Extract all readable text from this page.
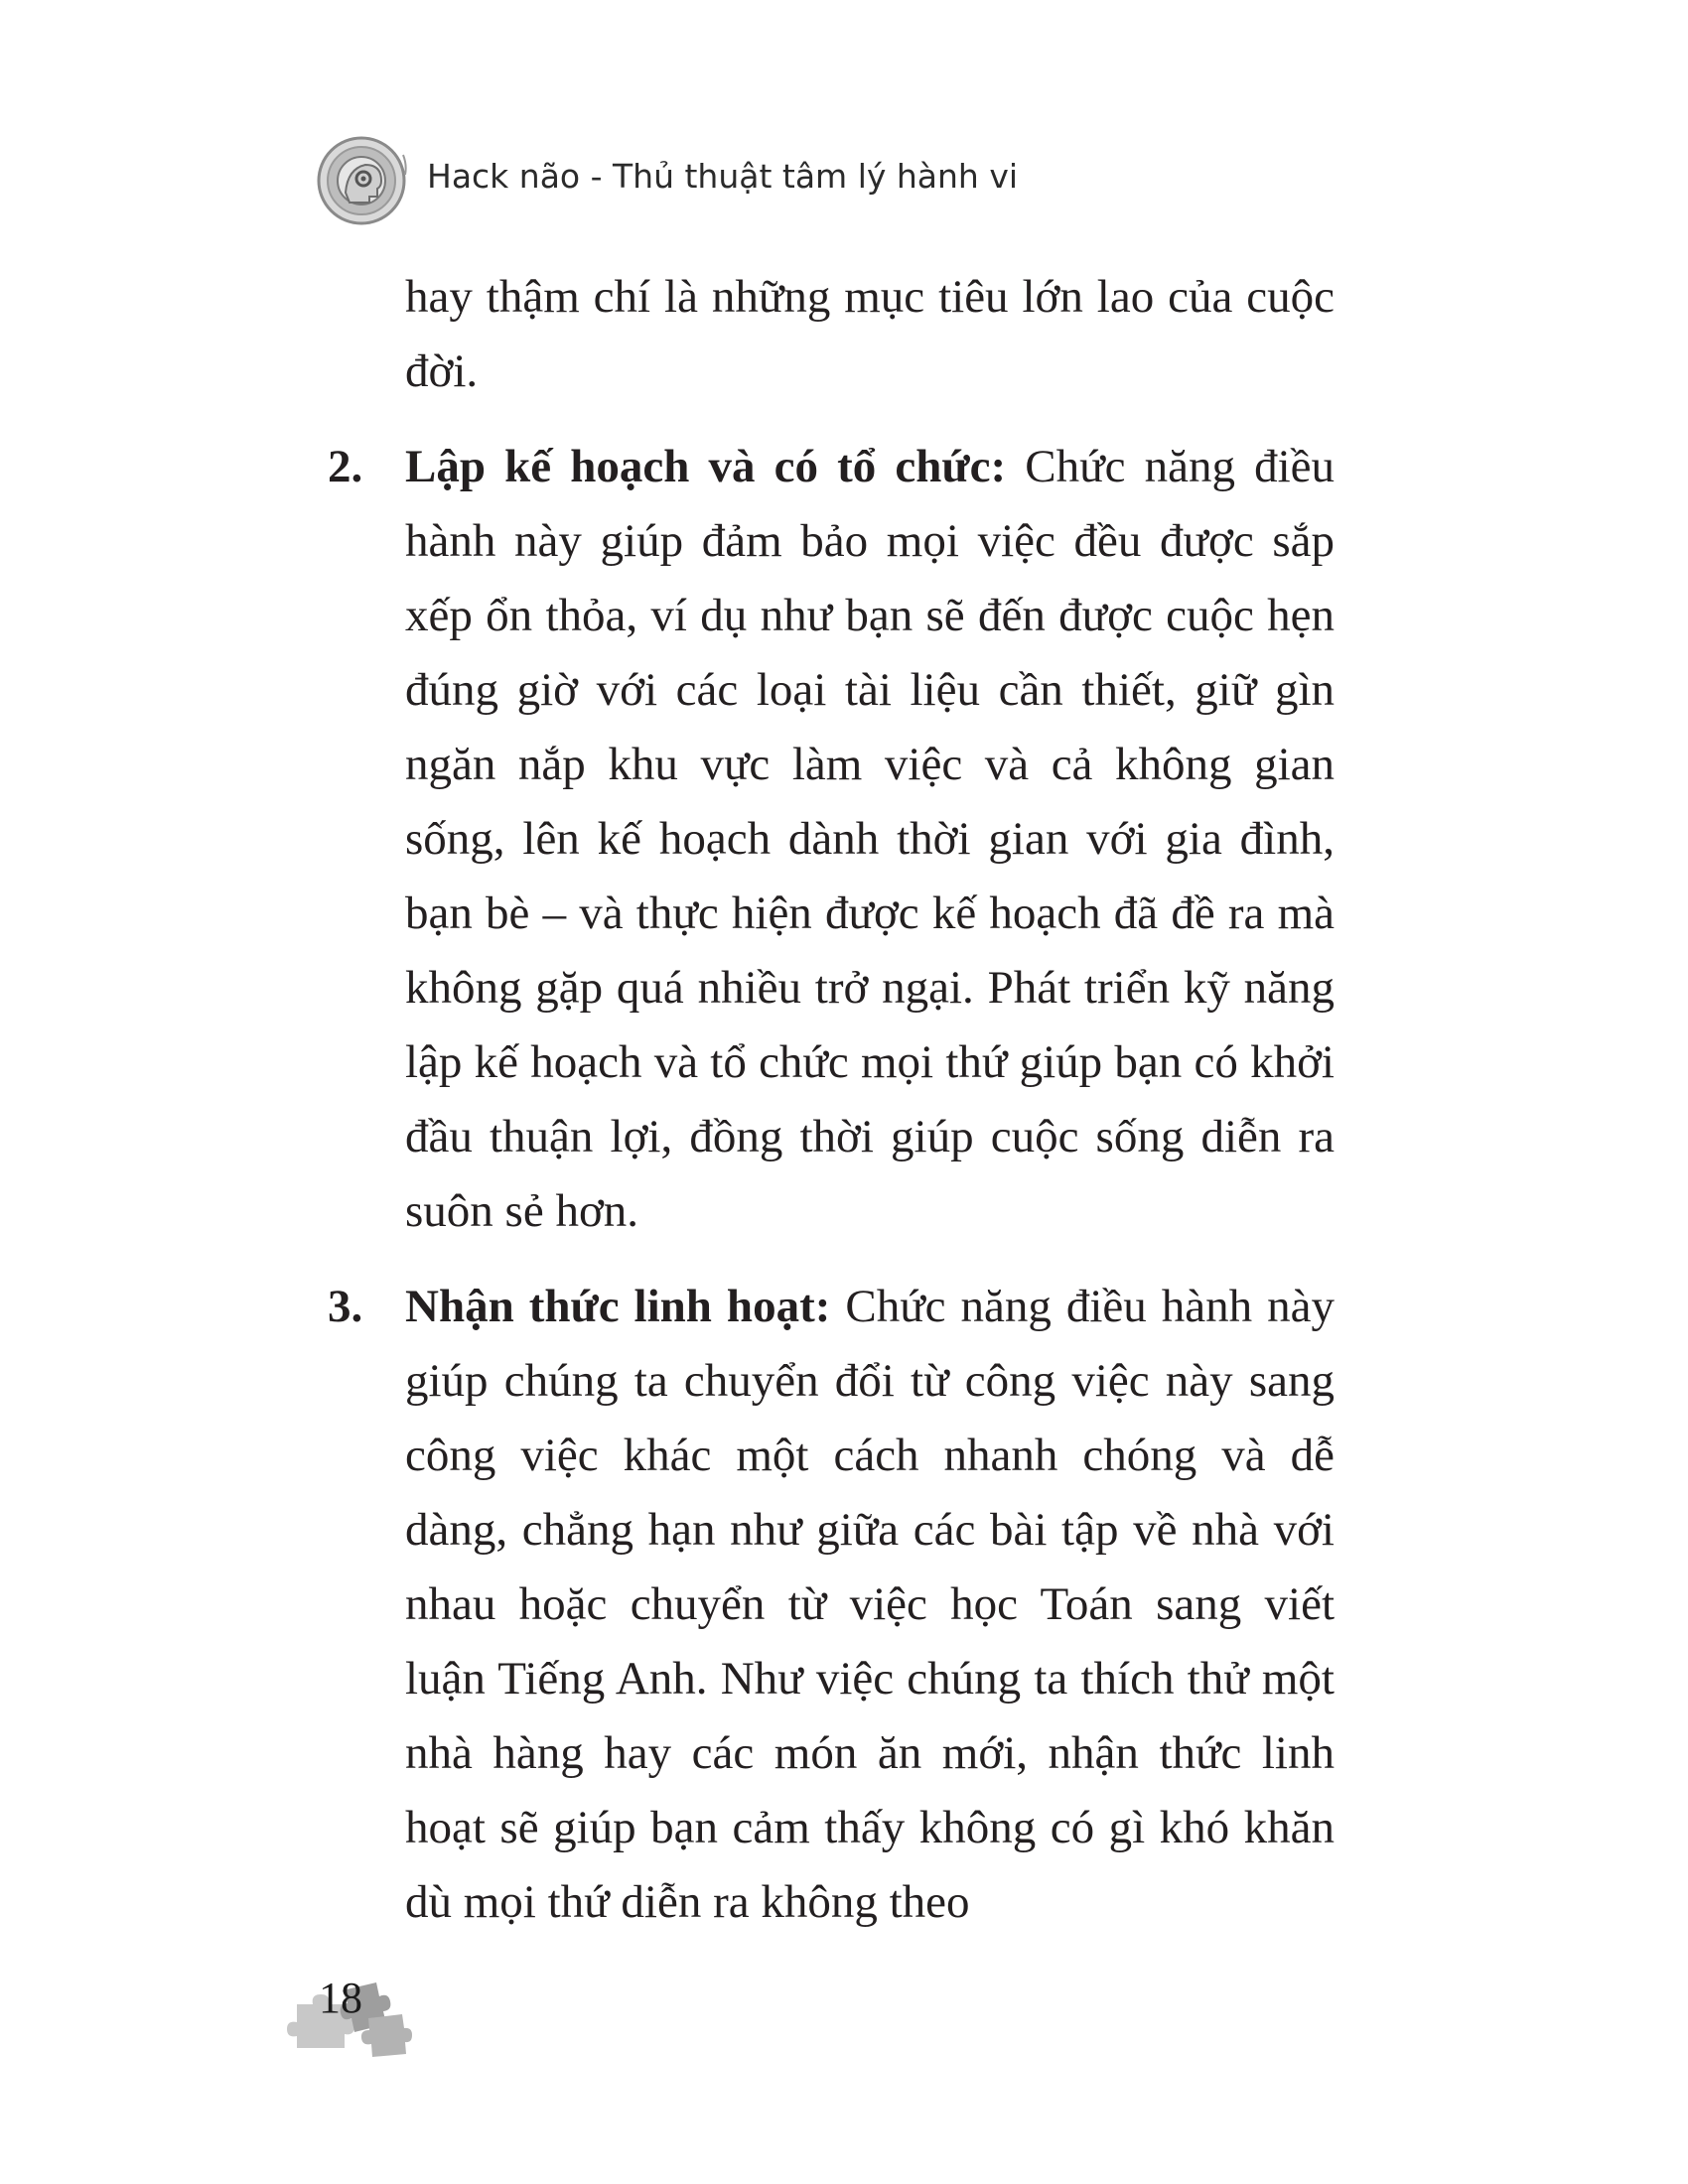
Hack não - Thủ thuật tâm lý hành vi

hay thậm chí là những mục tiêu lớn lao của cuộc đời.

2. Lập kế hoạch và có tổ chức: Chức năng điều hành này giúp đảm bảo mọi việc đều được sắp xếp ổn thỏa, ví dụ như bạn sẽ đến được cuộc hẹn đúng giờ với các loại tài liệu cần thiết, giữ gìn ngăn nắp khu vực làm việc và cả không gian sống, lên kế hoạch dành thời gian với gia đình, bạn bè – và thực hiện được kế hoạch đã đề ra mà không gặp quá nhiều trở ngại. Phát triển kỹ năng lập kế hoạch và tổ chức mọi thứ giúp bạn có khởi đầu thuận lợi, đồng thời giúp cuộc sống diễn ra suôn sẻ hơn.

3. Nhận thức linh hoạt: Chức năng điều hành này giúp chúng ta chuyển đổi từ công việc này sang công việc khác một cách nhanh chóng và dễ dàng, chẳng hạn như giữa các bài tập về nhà với nhau hoặc chuyển từ việc học Toán sang viết luận Tiếng Anh. Như việc chúng ta thích thử một nhà hàng hay các món ăn mới, nhận thức linh hoạt sẽ giúp bạn cảm thấy không có gì khó khăn dù mọi thứ diễn ra không theo

18
